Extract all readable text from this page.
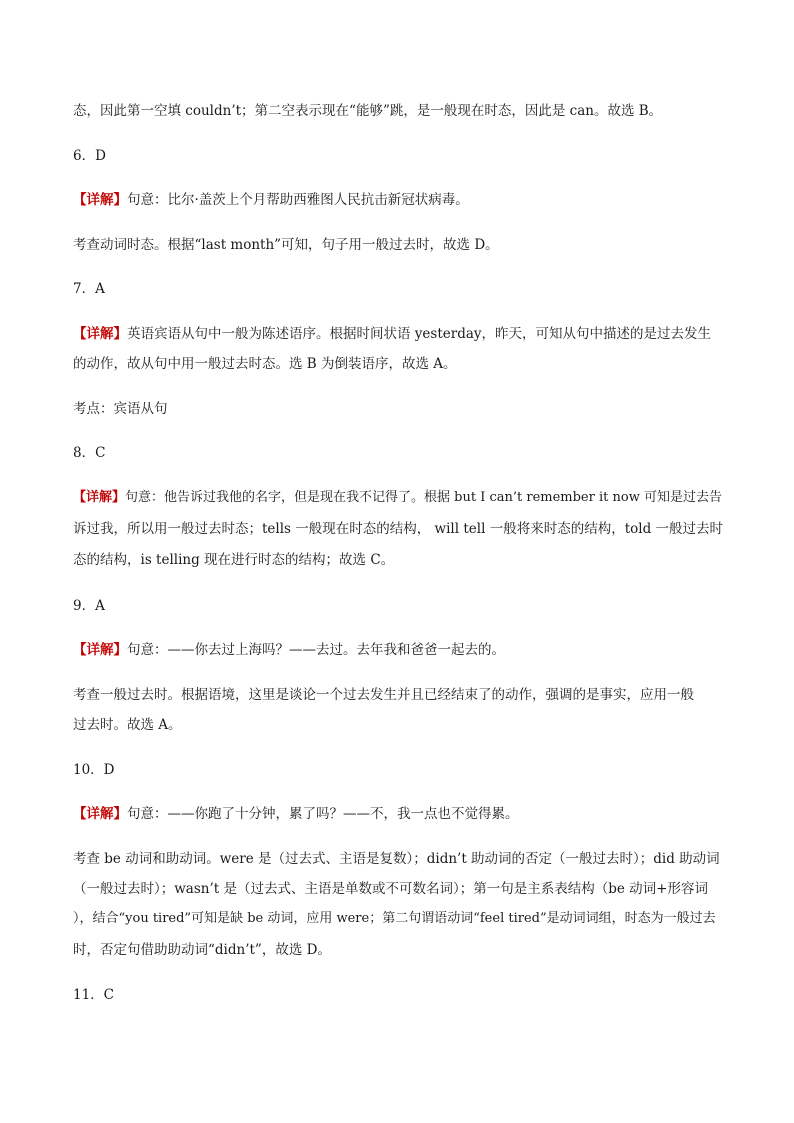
态，因此第一空填 couldn’t；第二空表示现在“能够”跳，是一般现在时态，因此是 can。故选 B。
6．D
【详解】句意：比尔·盖茨上个月帮助西雅图人民抗击新冠状病毒。
考查动词时态。根据“last month”可知，句子用一般过去时，故选 D。
7．A
【详解】英语宾语从句中一般为陈述语序。根据时间状语 yesterday，昨天，可知从句中描述的是过去发生
的动作，故从句中用一般过去时态。选 B 为倒装语序，故选 A。
考点：宾语从句
8．C
【详解】句意：他告诉过我他的名字，但是现在我不记得了。根据 but I can’t remember it now 可知是过去告
诉过我，所以用一般过去时态；tells 一般现在时态的结构， will tell 一般将来时态的结构，told 一般过去时
态的结构，is telling 现在进行时态的结构；故选 C。
9．A
【详解】句意：——你去过上海吗？——去过。去年我和爸爸一起去的。
考查一般过去时。根据语境，这里是谈论一个过去发生并且已经结束了的动作，强调的是事实，应用一般
过去时。故选 A。
10．D
【详解】句意：——你跑了十分钟，累了吗？——不，我一点也不觉得累。
考查 be 动词和助动词。were 是（过去式、主语是复数）；didn’t 助动词的否定（一般过去时）；did 助动词
（一般过去时）；wasn’t 是（过去式、主语是单数或不可数名词）；第一句是主系表结构（be 动词+形容词
），结合“you tired”可知是缺 be 动词，应用 were；第二句谓语动词“feel tired”是动词词组，时态为一般过去
时，否定句借助助动词“didn’t”，故选 D。
11．C
